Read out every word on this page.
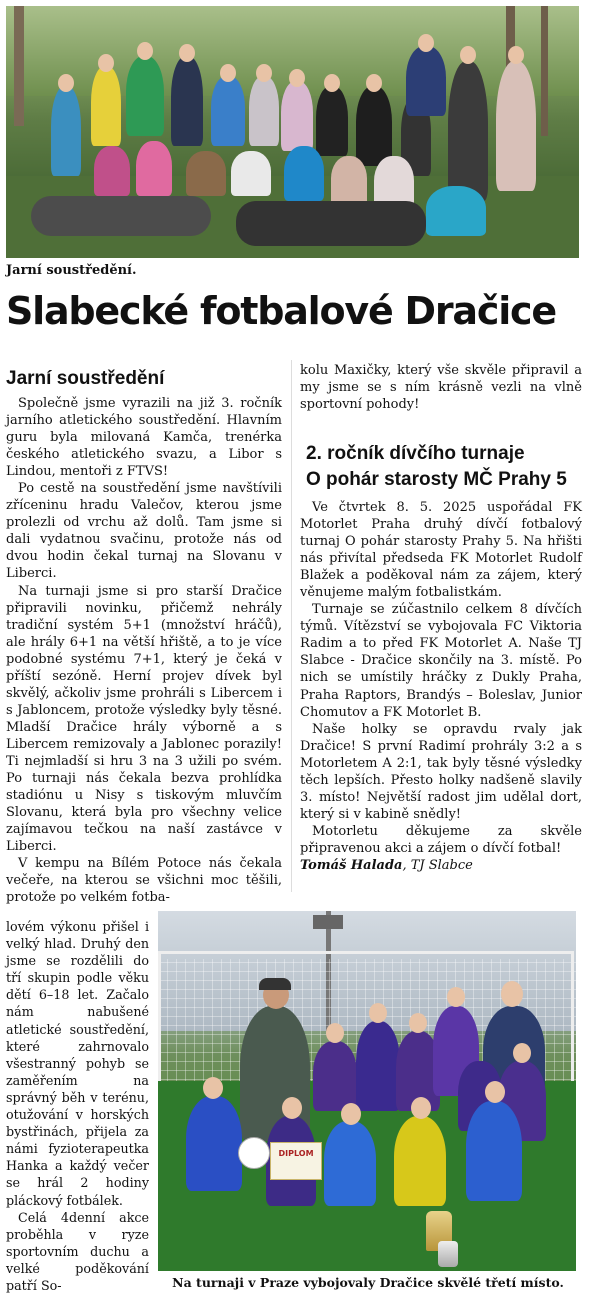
Jarní soustředění.
Slabecké fotbalové Dračice
Jarní soustředění

Společně jsme vyrazili na již 3. ročník jarního atletického soustředění. Hlavním guru byla milovaná Kamča, trenérka českého atletického svazu, a Libor s Lindou, mentoři z FTVS!

Po cestě na soustředění jsme navštívili zříceninu hradu Valečov, kterou jsme prolezli od vrchu až dolů. Tam jsme si dali vydatnou svačinu, protože nás od dvou hodin čekal turnaj na Slovanu v Liberci.

Na turnaji jsme si pro starší Dračice připravili novinku, přičemž nehrály tradiční systém 5+1 (množství hráčů), ale hrály 6+1 na větší hřiště, a to je více podobné systému 7+1, který je čeká v příští sezóně. Herní projev dívek byl skvělý, ačkoliv jsme prohráli s Libercem i s Jabloncem, protože výsledky byly těsné. Mladší Dračice hrály výborně a s Libercem remizovaly a Jablonec porazily! Ti nejmladší si hru 3 na 3 užili po svém. Po turnaji nás čekala bezva prohlídka stadiónu u Nisy s tiskovým mluvčím Slovanu, která byla pro všechny velice zajímavou tečkou na naší zastávce v Liberci.

V kempu na Bílém Potoce nás čekala večeře, na kterou se všichni moc těšili, protože po velkém fotba-

lovém výkonu přišel i velký hlad. Druhý den jsme se rozdělili do tří skupin podle věku dětí 6–18 let. Začalo nám nabušené atletické soustředění, které zahrnovalo všestranný pohyb se zaměřením na správný běh v terénu, otužování v horských bystřinách, přijela za námi fyzioterapeutka Hanka a každý večer se hrál 2 hodiny pláckový fotbálek.

Celá 4denní akce proběhla v ryze sportovním duchu a velké poděkování patří So-

kolu Maxičky, který vše skvěle připravil a my jsme se s ním krásně vezli na vlně sportovní pohody!

2. ročník dívčího turnaje
O pohár starosty MČ Prahy 5

Ve čtvrtek 8. 5. 2025 uspořádal FK Motorlet Praha druhý dívčí fotbalový turnaj O pohár starosty Prahy 5. Na hřišti nás přivítal předseda FK Motorlet Rudolf Blažek a poděkoval nám za zájem, který věnujeme malým fotbalistkám.

Turnaje se zúčastnilo celkem 8 dívčích týmů. Vítězství se vybojovala FC Viktoria Radim a to před FK Motorlet A. Naše TJ Slabce - Dračice skončily na 3. místě. Po nich se umístily hráčky z Dukly Praha, Praha Raptors, Brandýs – Boleslav, Junior Chomutov a FK Motorlet B.

Naše holky se opravdu rvaly jak Dračice! S první Radimí prohrály 3:2 a s Motorletem A 2:1, tak byly těsné výsledky těch lepších. Přesto holky nadšeně slavily 3. místo! Největší radost jim udělal dort, který si v kabině snědly!

Motorletu děkujeme za skvěle připravenou akci a zájem o dívčí fotbal!

Tomáš Halada, TJ Slabce

DIPLOM
Na turnaji v Praze vybojovaly Dračice skvělé třetí místo.
